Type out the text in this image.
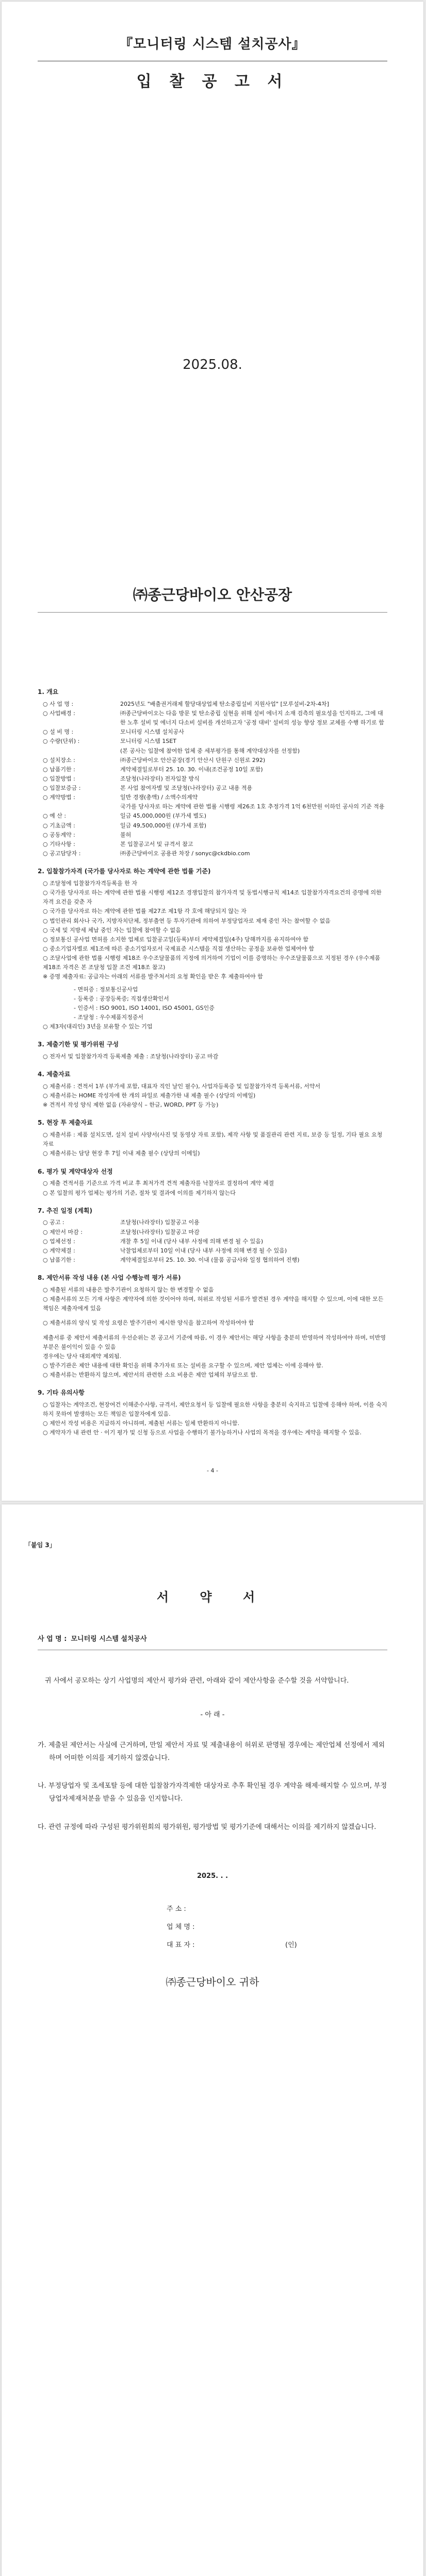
『모니터링 시스템 설치공사』
입 찰 공 고 서
2025.08.
㈜종근당바이오 안산공장
1. 개요
○ 사 업 명 :	2025년도 "배출권거래제 할당대상업체 탄소중립설비 지원사업" [모루설비-2차-4차]
○ 사업배경 :	㈜종근당바이오는 다음 방문 및 탄소중립 실현을 위해 설비 에너지 소재 검측의 필요성을 인지하고, 그에 대한 노후 설비 및 에너지 다소비 설비를 개선하고자 '공정 대비' 설비의 성능 향상 정보 교체를 수행 하기로 함
○ 설 비 명 :	모니터링 시스템 설치공사
○ 수량(단위) :	모니터링 시스템 1SET
(본 공사는 입찰에 참여한 업체 중 세부평가를 통해 계약대상자를 선정함)
○ 설치장소 :	㈜종근당바이오 안산공장(경기 안산시 단원구 신원로 292)
○ 납품기한 :	계약체결일로부터 25. 10. 30. 이내(조건공정 10일 포함)
○ 입찰방법 :	조달청(나라장터) 전자입찰 방식
○ 입찰보증금 :	본 사업 참여자별 및 조달청(나라장터) 공고 내용 적용
○ 계약방법 :	일반 경쟁(총액) / 소액수의계약
국가를 당사자로 하는 계약에 관한 법률 시행령 제26조 1호 추정가격 1억 6천만원 이하인 공사의 기준 적용
○ 예 산 :	일금 45,000,000원 (부가세 별도)
○ 기초금액 :	일금 49,500,000원 (부가세 포함)
○ 공동계약 :	불허
○ 기타사항 :	본 입찰공고서 및 규격서 참고
○ 공고담당자 :	㈜종근당바이오 공용관 차장 / sonyc@ckdbio.com
2. 입찰참가자격 (국가를 당사자로 하는 계약에 관한 법률 기준)
○ 조달청에 입찰참가자격등록을 한 자
○ 국가를 당사자로 하는 계약에 관한 법률 시행령 제12조 경쟁입찰의 참가자격 및 동법시행규칙 제14조 입찰참가자격요건의 증명에 의한 자격 요건을 갖춘 자
○ 국가를 당사자로 하는 계약에 관한 법률 제27조 제1항 각 호에 해당되지 않는 자
○ 법인관리 회사나 국가, 지방자치단체, 정부출연 등 투자기관에 의하여 부정당업자로 제재 중인 자는 참여할 수 없음
○ 국세 및 지방세 체납 중인 자는 입찰에 참여할 수 없음
○ 정보통신 공사업 면허를 소지한 업체로 입찰공고일(등록)부터 계약체결일(4주) 당해까지를 유지하여야 함
○ 중소기업자별로 제1조에 따른 중소기업자로서 국제표준 시스템을 직접 생산하는 공정을 보유한 업체여야 함
○ 조달사업에 관한 법률 시행령 제18조 우수조달물품의 지정에 의거하여 기업이 이를 증명하는 우수조달물품으로 지정된 경우 (우수제품 제18조 자격은 본 조달청 입찰 조건 제18조 참고)
※ 증명 제출자료: 공급자는 아래의 서류를 발주처서의 요청 확인을 받은 후 제출하여야 함
- 면허증 : 정보통신공사업
- 등록증 : 공장등록증; 직접생산확인서
- 인증서 : ISO 9001, ISO 14001, ISO 45001, GS인증
- 조달청 : 우수제품지정증서
○ 제3자(대리인) 3년을 보유할 수 있는 기업
3. 제출기한 및 평가위원 구성
○ 전자서 및 입찰참가자격 등록제출 제출 : 조달청(나라장터) 공고 마감
4. 제출자료
○ 제출서류 : 견적서 1부 (부가세 포함, 대표자 직인 날인 필수), 사업자등록증 및 입찰참가자격 등록서류, 서약서
○ 제출서류는 HOME 작성자에 한 개의 파일로 제출가한 내 제출 필수 (상당의 이메일)
※ 견적서 작성 양식 제한 없음 (자유양식 – 한글, WORD, PPT 등 가능)
5. 현장 투 제출자료
○ 제출서류 : 제품 설치도면, 설치 설비 사양서(사진 및 동영상 자료 포함), 제작 사항 및 품질관리 관련 지료, 보증 등 일정, 기타 필요 요청 자료
○ 제출서류는 담당 현장 후 7일 이내 제출 필수 (상당의 이메일)
6. 평가 및 계약대상자 선정
○ 제출 견적서를 기준으로 가격 비교 후 최저가격 견적 제출자를 낙찰자로 결정하여 계약 체결
○ 본 입찰의 평가 업체는 평가의 기준, 절차 및 결과에 이의를 제기하지 않는다
7. 추진 일정 (계획)
○ 공고 :	조달청(나라장터) 입찰공고 이용
○ 제안서 마감 :	조달청(나라장터) 입찰공고 마감
○ 업체선정 :	개찰 후 5일 이내 (당사 내부 사정에 의해 변경 될 수 있음)
○ 계약체결 :	낙찰업체로부터 10일 이내 (당사 내부 사정에 의해 변경 될 수 있음)
○ 납품기한 :	계약체결일로부터 25. 10. 30. 이내 (물품 공급사와 일정 협의하여 진행)
8. 제안서류 작성 내용 (본 사업 수행능력 평가 서류)
○ 제출된 서류의 내용은 발주기관이 요청하지 않는 한 변경할 수 없음
○ 제출서류의 모든 기재 사항은 계약자에 의한 것이어야 하며, 허위로 작성된 서류가 발견된 경우 계약을 해지할 수 있으며, 이에 대한 모든 책임은 제출자에게 있음
○ 제출서류의 양식 및 작성 요령은 발주기관이 제시한 양식을 참고하여 작성하여야 함
제출서류 중 제안서 제출서류의 우선순위는 본 공고서 기준에 따름, 이 경우 제안서는 해당 사항을 충분히 반영하여 작성하여야 하며, 미반영 부분은 불이익이 있을 수 있음
경우에는 당사 대외계약 제외됨.
○ 발주기관은 제안 내용에 대한 확인을 위해 추가자료 또는 설비를 요구할 수 있으며, 제안 업체는 이에 응해야 함.
○ 제출서류는 반환하지 않으며, 제안서의 관련한 소요 비용은 제안 업체의 부담으로 함.
9. 기타 유의사항
○ 입찰자는 계약조건, 현장여건 이해준수사항, 규격서, 제안요청서 등 입찰에 필요한 사항을 충분히 숙지하고 입찰에 응해야 하며, 이를 숙지하지 못하여 발생하는 모든 책임은 입찰자에게 있음.
○ 제안서 작성 비용은 지급하지 아니하며, 제출된 서류는 일체 반환하지 아니함.
○ 계약자가 내 관련 안 · 이기 평가 및 신청 등으로 사업을 수행하기 불가능하거나 사업의 목적을 경우에는 계약을 해지할 수 있음.
- 4 -
「붙임 3」
서 약 서
사 업 명 : 모니터링 시스템 설치공사
귀 사에서 공모하는 상기 사업명의 제안서 평가와 관련, 아래와 같이 제안사항을 준수할 것을 서약합니다.
- 아 래 -
가. 제출된 제안서는 사실에 근거하며, 만일 제안서 자료 및 제출내용이 허위로 판명될 경우에는 제안업체 선정에서 제외하며 어떠한 이의를 제기하지 않겠습니다.
나. 부정당업자 및 조세포탈 등에 대한 입찰참가자격제한 대상자로 추후 확인될 경우 계약을 해제·해지할 수 있으며, 부정당업자제재처분을 받을 수 있음을 인지합니다.
다. 관련 규정에 따라 구성된 평가위원회의 평가위원, 평가방법 및 평가기준에 대해서는 이의를 제기하지 않겠습니다.
2025. . .
주 소 :
업 체 명 :
대 표 자 :	(인)
㈜종근당바이오 귀하
